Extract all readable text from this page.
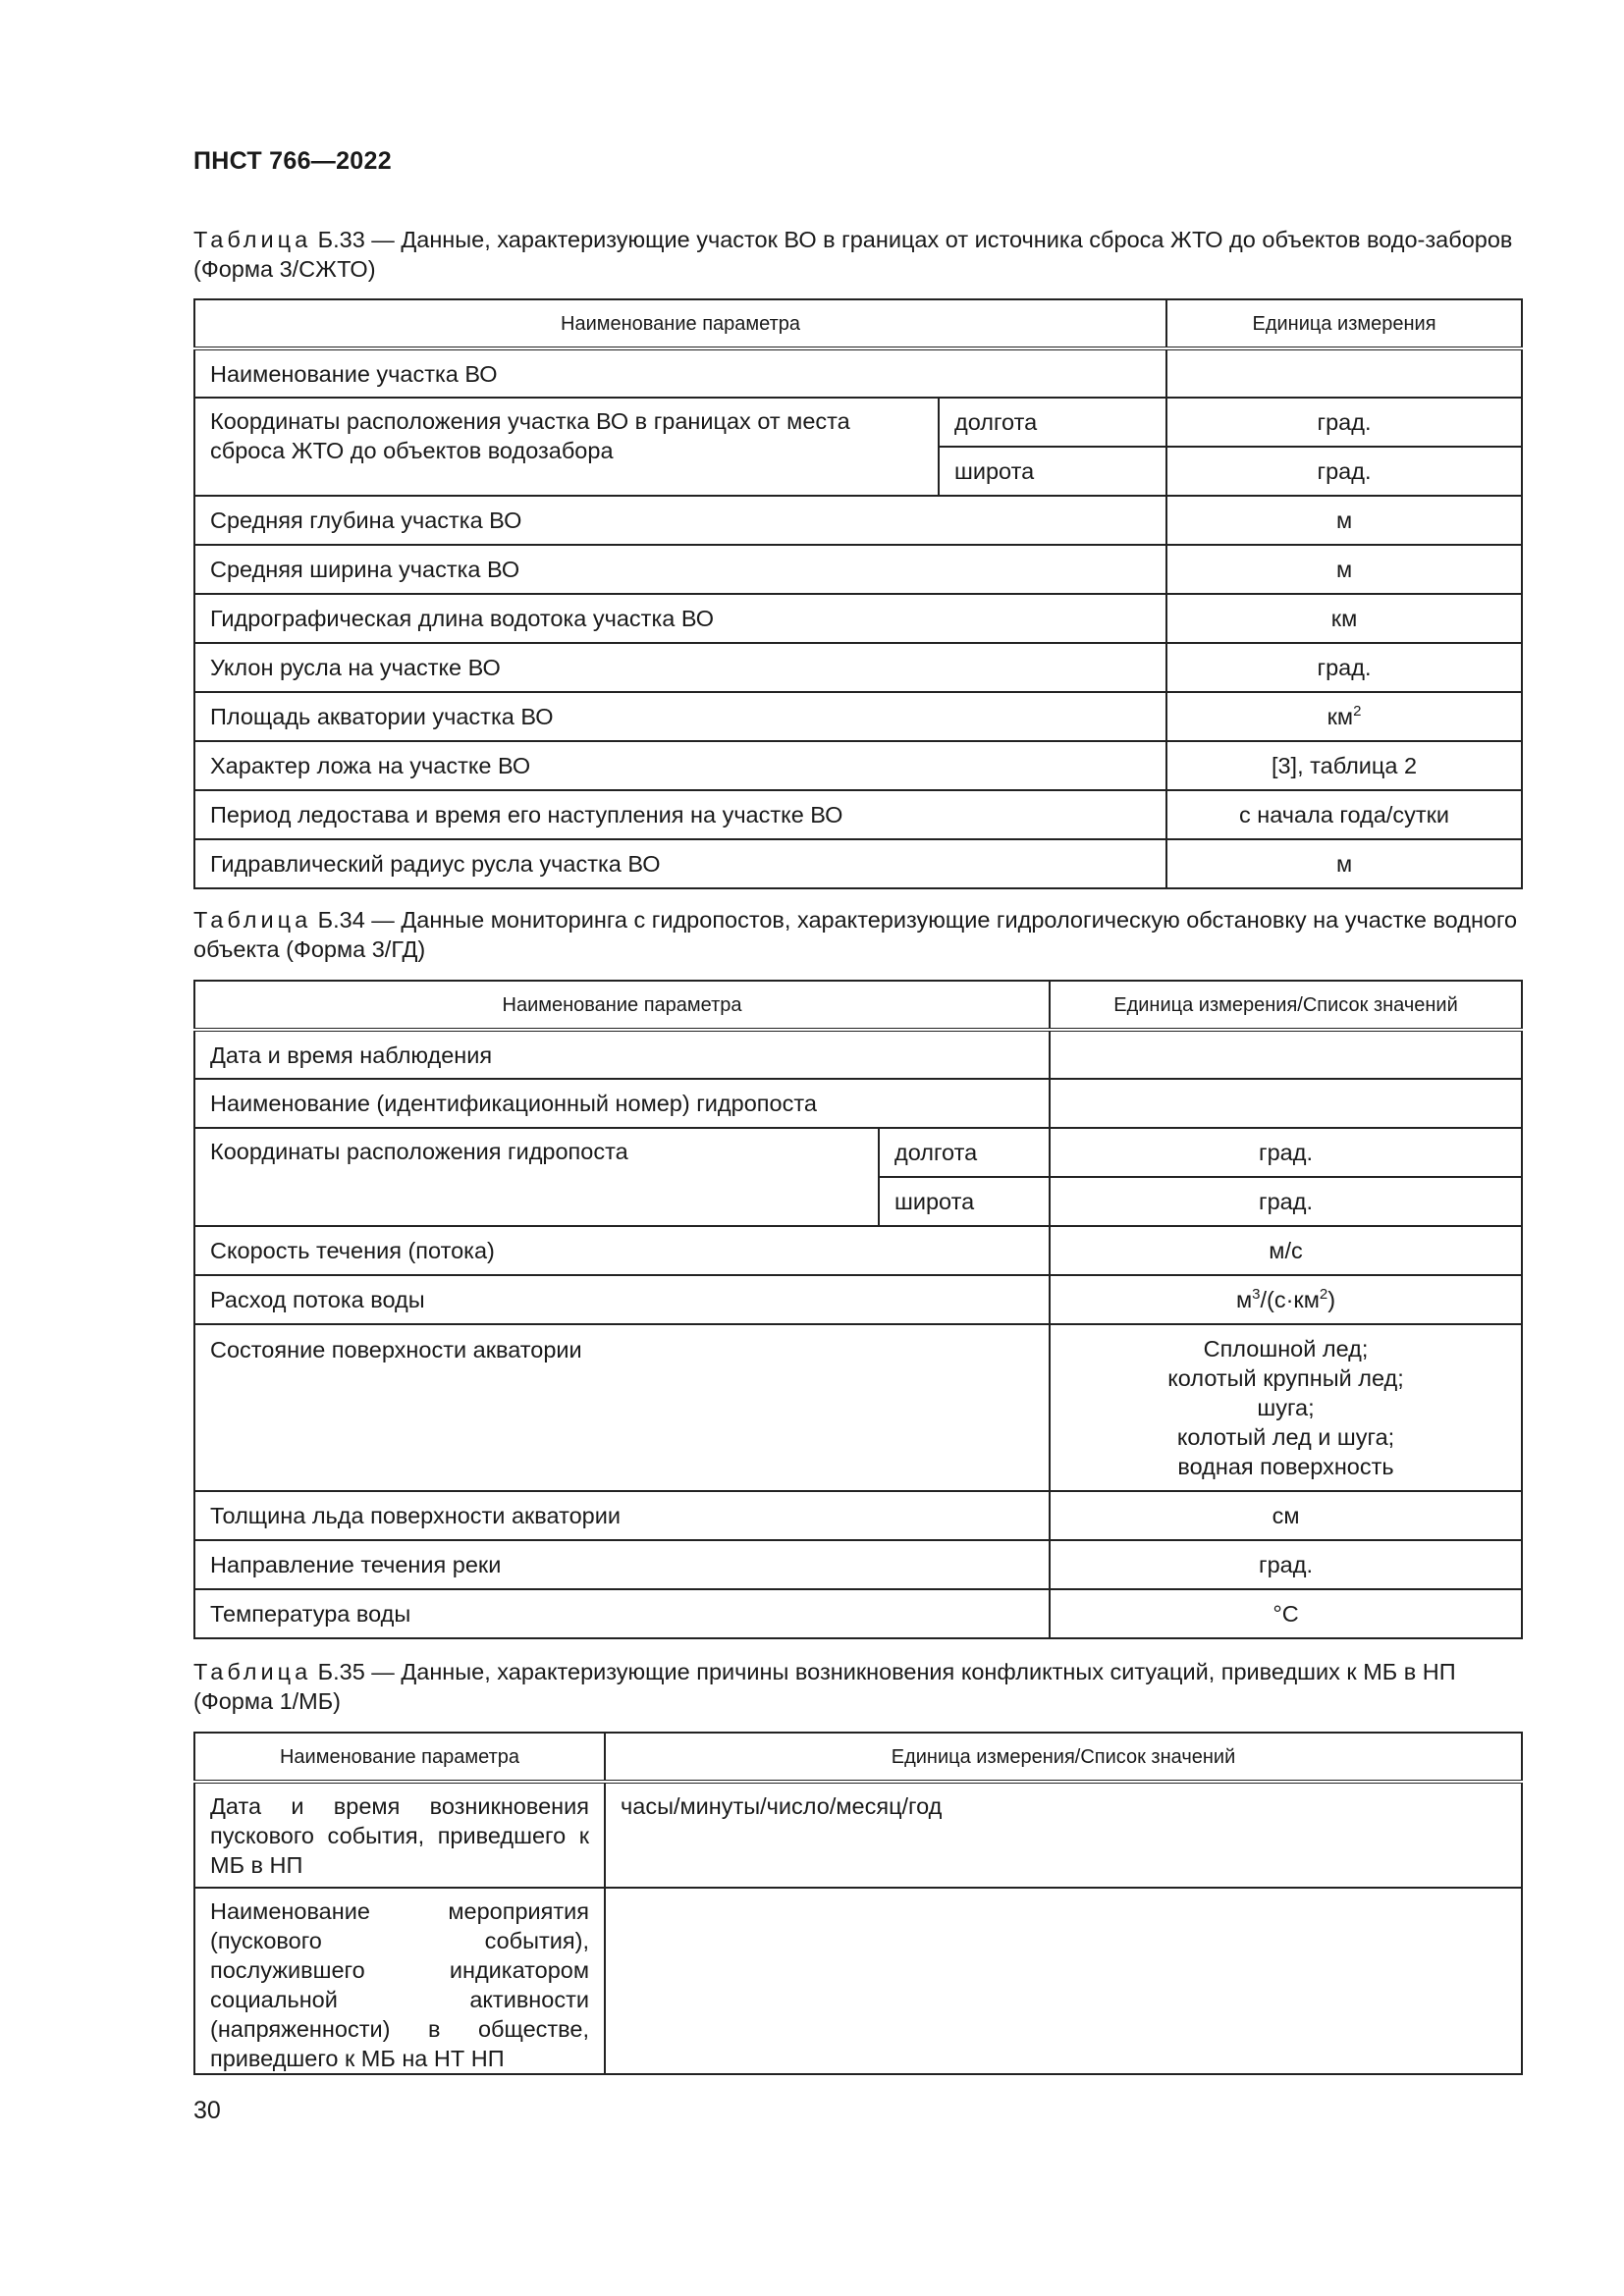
ПНСТ 766—2022
Таблица Б.33 — Данные, характеризующие участок ВО в границах от источника сброса ЖТО до объектов водо-заборов (Форма 3/СЖТО)
Наименование параметра		Единица измерения
Наименование участка ВО		
Координаты расположения участка ВО в границах от места сброса ЖТО до объектов водозабора	долгота	град.
	широта	град.
Средняя глубина участка ВО		м
Средняя ширина участка ВО		м
Гидрографическая длина водотока участка ВО		км
Уклон русла на участке ВО		град.
Площадь акватории участка ВО		$км^2$
Характер ложа на участке ВО		[3], таблица 2
Период ледостава и время его наступления на участке ВО		с начала года/сутки
Гидравлический радиус русла участка ВО		м
Таблица Б.34 — Данные мониторинга с гидропостов, характеризующие гидрологическую обстановку на участке водного объекта (Форма 3/ГД)
Наименование параметра		Единица измерения/Список значений
Дата и время наблюдения		
Наименование (идентификационный номер) гидропоста		
Координаты расположения гидропоста	долгота	град.
	широта	град.
Скорость течения (потока)		м/с
Расход потока воды		$м^3/(с\cdot км^2)$
Состояние поверхности акватории		Сплошной лед;
колотый крупный лед;
шуга;
колотый лед и шуга;
водная поверхность

Толщина льда поверхности акватории		см
Направление течения реки		град.
Температура воды		°С
Таблица Б.35 — Данные, характеризующие причины возникновения конфликтных ситуаций, приведших к МБ в НП (Форма 1/МБ)
Наименование параметра	Единица измерения/Список значений
Дата и время возникновения пускового события, приведшего к МБ в НП	часы/минуты/число/месяц/год
Наименование мероприятия (пускового события), послужившего индикатором социальной активности (напряженности) в обществе, приведшего к МБ на НТ НП	
30
